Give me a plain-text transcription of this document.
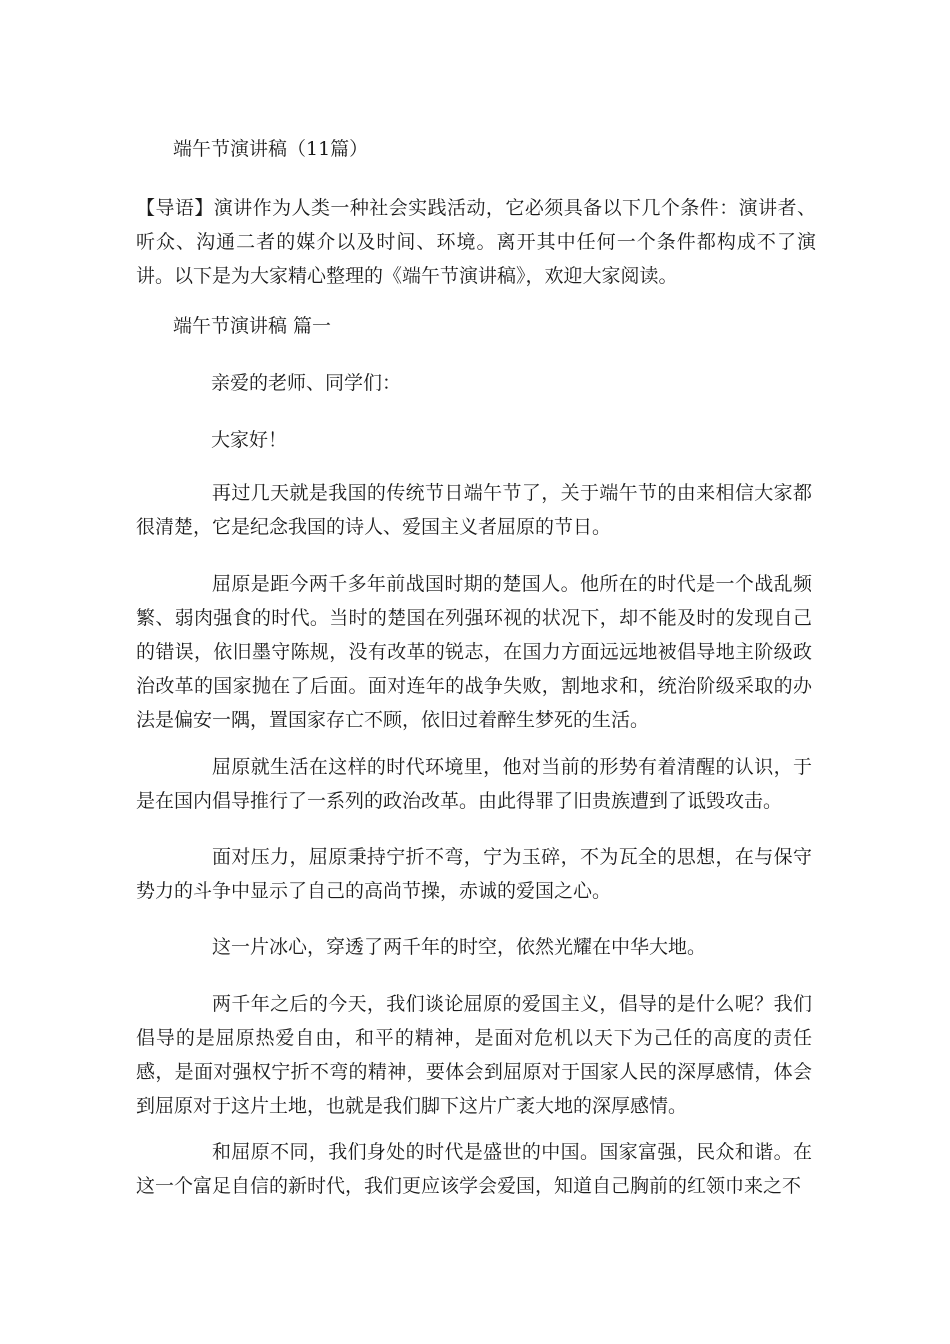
端午节演讲稿（11篇）

【导语】演讲作为人类一种社会实践活动，它必须具备以下几个条件：演讲者、听众、沟通二者的媒介以及时间、环境。离开其中任何一个条件都构成不了演讲。以下是为大家精心整理的《端午节演讲稿》，欢迎大家阅读。

端午节演讲稿 篇一
亲爱的老师、同学们：
大家好！

再过几天就是我国的传统节日端午节了，关于端午节的由来相信大家都很清楚，它是纪念我国的诗人、爱国主义者屈原的节日。

屈原是距今两千多年前战国时期的楚国人。他所在的时代是一个战乱频繁、弱肉强食的时代。当时的楚国在列强环视的状况下，却不能及时的发现自己的错误，依旧墨守陈规，没有改革的锐志，在国力方面远远地被倡导地主阶级政治改革的国家抛在了后面。面对连年的战争失败，割地求和，统治阶级采取的办法是偏安一隅，置国家存亡不顾，依旧过着醉生梦死的生活。

屈原就生活在这样的时代环境里，他对当前的形势有着清醒的认识，于是在国内倡导推行了一系列的政治改革。由此得罪了旧贵族遭到了诋毁攻击。

面对压力，屈原秉持宁折不弯，宁为玉碎，不为瓦全的思想，在与保守势力的斗争中显示了自己的高尚节操，赤诚的爱国之心。

这一片冰心，穿透了两千年的时空，依然光耀在中华大地。

两千年之后的今天，我们谈论屈原的爱国主义，倡导的是什么呢？我们倡导的是屈原热爱自由，和平的精神，是面对危机以天下为己任的高度的责任感，是面对强权宁折不弯的精神，要体会到屈原对于国家人民的深厚感情，体会到屈原对于这片土地，也就是我们脚下这片广袤大地的深厚感情。

和屈原不同，我们身处的时代是盛世的中国。国家富强，民众和谐。在这一个富足自信的新时代，我们更应该学会爱国，知道自己胸前的红领巾来之不
